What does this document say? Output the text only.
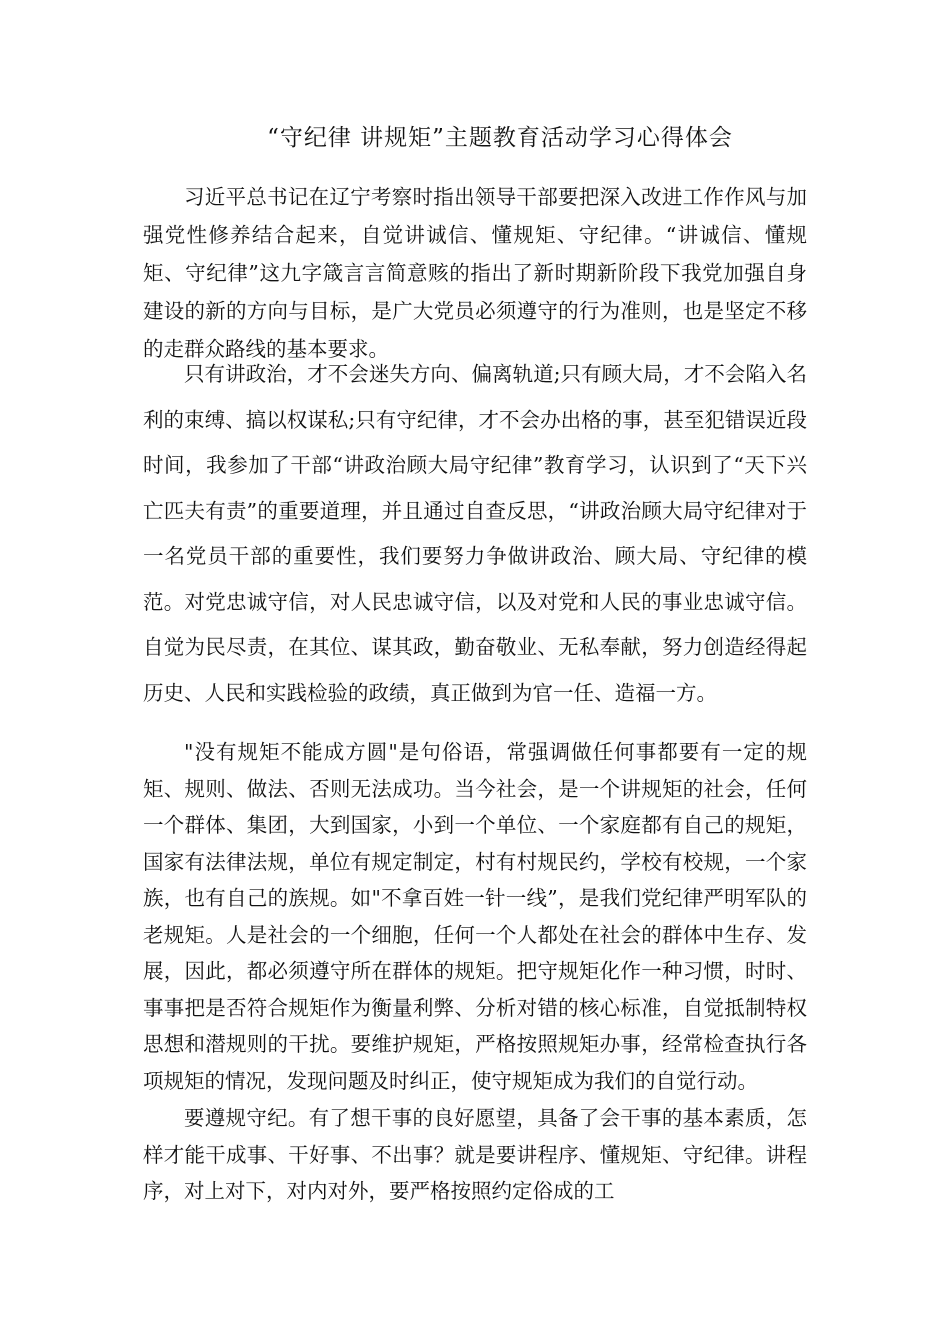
“守纪律 讲规矩”主题教育活动学习心得体会

习近平总书记在辽宁考察时指出领导干部要把深入改进工作作风与加强党性修养结合起来，自觉讲诚信、懂规矩、守纪律。“讲诚信、懂规矩、守纪律”这九字箴言言简意赅的指出了新时期新阶段下我党加强自身建设的新的方向与目标，是广大党员必须遵守的行为准则，也是坚定不移的走群众路线的基本要求。

只有讲政治，才不会迷失方向、偏离轨道;只有顾大局，才不会陷入名利的束缚、搞以权谋私;只有守纪律，才不会办出格的事，甚至犯错误近段时间，我参加了干部“讲政治顾大局守纪律”教育学习，认识到了“天下兴亡匹夫有责”的重要道理，并且通过自查反思，“讲政治顾大局守纪律对于一名党员干部的重要性，我们要努力争做讲政治、顾大局、守纪律的模范。对党忠诚守信，对人民忠诚守信，以及对党和人民的事业忠诚守信。自觉为民尽责，在其位、谋其政，勤奋敬业、无私奉献，努力创造经得起历史、人民和实践检验的政绩，真正做到为官一任、造福一方。

"没有规矩不能成方圆"是句俗语，常强调做任何事都要有一定的规矩、规则、做法、否则无法成功。当今社会，是一个讲规矩的社会，任何一个群体、集团，大到国家，小到一个单位、一个家庭都有自己的规矩，国家有法律法规，单位有规定制定，村有村规民约，学校有校规，一个家族，也有自己的族规。如"不拿百姓一针一线”，是我们党纪律严明军队的老规矩。人是社会的一个细胞，任何一个人都处在社会的群体中生存、发展，因此，都必须遵守所在群体的规矩。把守规矩化作一种习惯，时时、事事把是否符合规矩作为衡量利弊、分析对错的核心标准，自觉抵制特权思想和潜规则的干扰。要维护规矩，严格按照规矩办事，经常检查执行各项规矩的情况，发现问题及时纠正，使守规矩成为我们的自觉行动。

要遵规守纪。有了想干事的良好愿望，具备了会干事的基本素质，怎样才能干成事、干好事、不出事？就是要讲程序、懂规矩、守纪律。讲程序，对上对下，对内对外，要严格按照约定俗成的工
